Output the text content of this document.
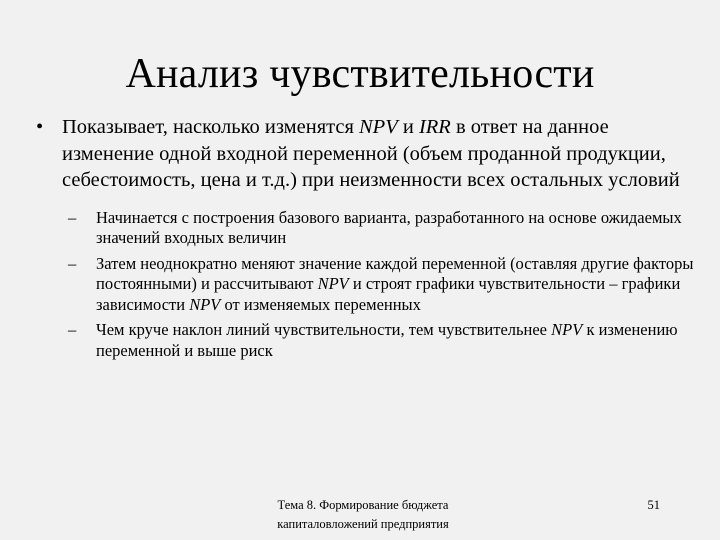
Анализ чувствительности
• Показывает, насколько изменятся NPV и IRR в ответ на данное изменение одной входной переменной (объем проданной продукции, себестоимость, цена и т.д.) при неизменности всех остальных условий
– Начинается с построения базового варианта, разработанного на основе ожидаемых значений входных величин
– Затем неоднократно меняют значение каждой переменной (оставляя другие факторы постоянными) и рассчитывают NPV и строят графики чувствительности – графики зависимости NPV от изменяемых переменных
– Чем круче наклон линий чувствительности, тем чувствительнее NPV к изменению переменной и выше риск
Тема 8. Формирование бюджета
капиталовложений предприятия
51
